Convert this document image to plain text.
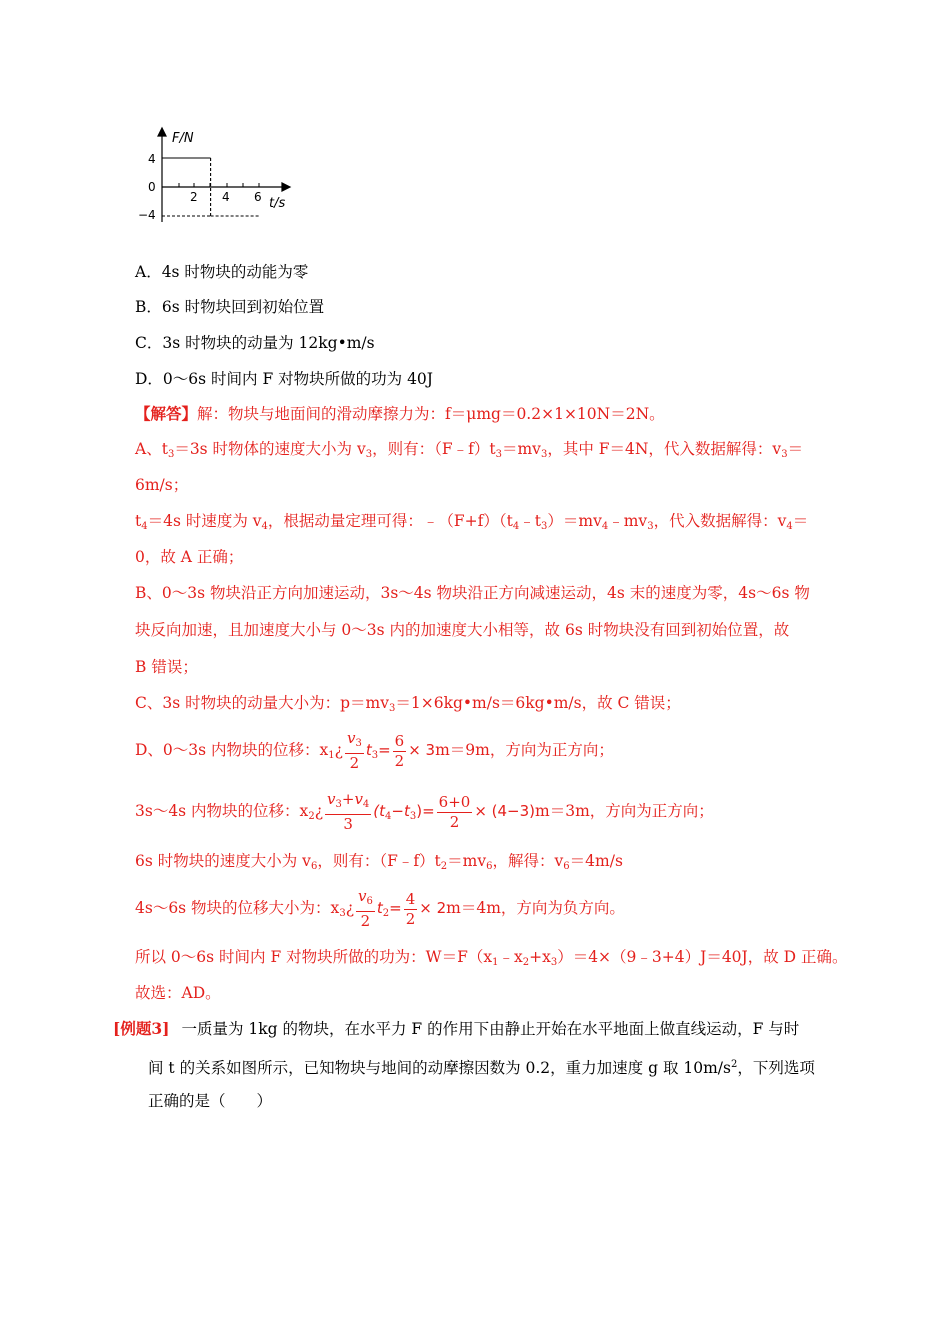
F/N
t/s
4
0
−4
2 4 6
A．4s 时物块的动能为零
B．6s 时物块回到初始位置
C．3s 时物块的动量为 12kg•m/s
D．0～6s 时间内 F 对物块所做的功为 40J
【解答】解：物块与地面间的滑动摩擦力为：f＝μmg＝0.2×1×10N＝2N。
A、$t_3=3s$ 时物体的速度大小为 $v_3$，则有：$(F﹣f)t_3=mv_3$，其中 F＝4N，代入数据解得：$v_3=$
6m/s；
$t_4=4s$ 时速度为 $v_4$，根据动量定理可得：$﹣(F+f)(t_4﹣t_3)=mv_4﹣mv_3$，代入数据解得：$v_4=$
0，故 A 正确；
B、0～3s 物块沿正方向加速运动，3s～4s 物块沿正方向减速运动，4s 末的速度为零，4s～6s 物
块反向加速，且加速度大小与 0～3s 内的加速度大小相等，故 6s 时物块没有回到初始位置，故
B 错误；
C、3s 时物块的动量大小为：$p=mv_3=1\times 6kg•m/s=6kg•m/s$，故 C 错误；
D、0～3s 内物块的位移：$x_1¿ \frac{v_3}{2} t_3= \frac{6}{2} \times 3m=9m$，方向为正方向；
3s～4s 内物块的位移：$x_2¿ \frac{v_3+v_4}{3} (t_4-t_3)= \frac{6+0}{2} \times (4-3)m=3m$，方向为正方向；
6s 时物块的速度大小为 $v_6$，则有：$(F﹣f)t_2=mv_6$，解得：$v_6=4m/s$
4s～6s 物块的位移大小为：$x_3¿ \frac{v_6}{2} t_2= \frac{4}{2} \times 2m=4m$，方向为负方向。
所以 0～6s 时间内 F 对物块所做的功为：$W=F(x_1﹣x_2+x_3)=4\times(9﹣3+4)J=40J$，故 D 正确。
故选：AD。
[例题3] 一质量为 1kg 的物块，在水平力 F 的作用下由静止开始在水平地面上做直线运动，F 与时
间 t 的关系如图所示，已知物块与地间的动摩擦因数为 0.2，重力加速度 g 取 $10m/s^2$，下列选项
正确的是（　　）
